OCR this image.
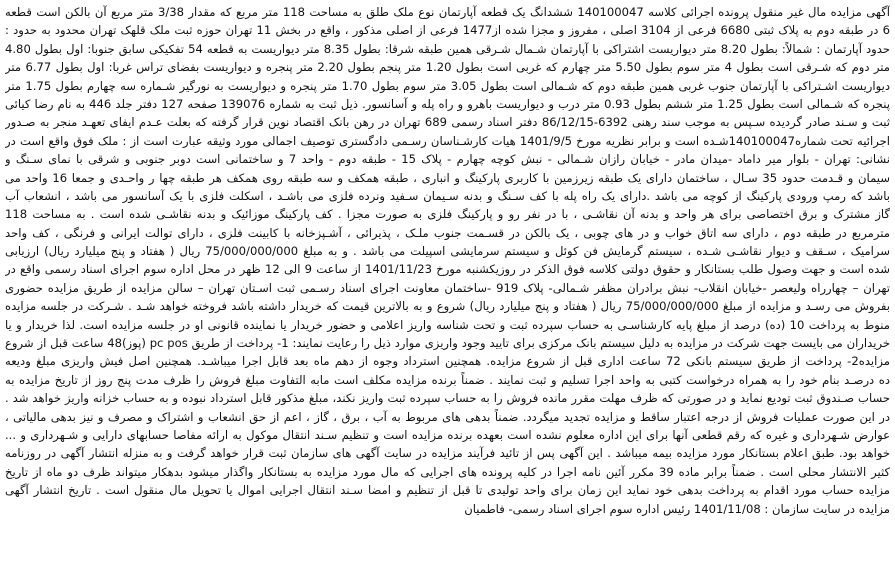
آگهی مزایده مال غیر منقول پرونده اجرائی کلاسه 140100047 ششدانگ یک قطعه آپارتمان نوع ملک طلق به مساحت 118 متر مربع که مقدار 3/38 متر مربع آن بالکن است قطعه
6 در طبقه دوم به پلاک ثبتی 6680 فرعی از 3104 اصلی ، مفروز و مجزا شده از1477 فرعی از اصلی مذکور ، واقع در بخش 11 تهران حوزه ثبت ملک قلهک تهران محدود به حدود :
حدود آپارتمان : شمالاً: بطول 8.20 متر دیواریست اشتراکی با آپارتمان شـمال شـرقی همین طبقه شرقا: بطول 8.35 متر دیواریست به قطعه 54 تفکیکی سابق جنوبا: اول بطول 4.80
متر دوم که شـرقی است بطول 4 متر سوم بطول 5.50 متر چهارم که غربی است بطول 1.20 متر پنجم بطول 2.20 متر پنجره و دیواریست بفضای تراس غربا: اول بطول 6.77 متر
دیواریست اشـتراکی با آپارتمان جنوب غربی همین طبقه دوم که شـمالی است بطول 3.05 متر سوم بطول 1.70 متر پنجره و دیواریست به نورگیر شـماره سه چهارم بطول 1.75 متر
پنجره که شـمالی است بطول 1.25 متر ششم بطول 0.93 متر درب و دیواریست باهرو و راه پله و آسانسور. ذیل ثبت به شماره 139076 صفحه 127 دفتر جلد 446 به نام رضا کیائی
ثبت و سـند صادر گردیده سـپس به موجب سند رهنی 6392-86/12/15 دفتر اسناد رسمی 689 تهران در رهن بانک اقتصاد نوین قرار گرفته که بعلت عـدم ایفای تعهـد منجر به صـدور
اجرائیه تحت شماره140100047شـده است و برابر نظریه مورخ 1401/9/5 هیات کارشـناسان رسـمی دادگستری توصیف اجمالی مورد وثیقه عبارت است از : ملک فوق واقع است در
نشانی: تهران - بلوار میر داماد -میدان مادر - خیابان رازان شـمالی - نبش کوچه چهارم - پلاک 15 - طبقه دوم - واحد 7 و ساختمانی است دوبر جنوبی و شرقی با نمای سـنگ و
سیمان و قـدمت حدود 35 سـال ، ساختمان دارای یک طبقه زیرزمین با کاربری پارکینگ و انباری ، طبقه همکف و سه طبقه روی همکف هر طبقه چها ر واحـدی و جمعا 16 واحد می
باشد که رمپ ورودی پارکینگ از کوچه می باشد .دارای یک راه پله با کف سـنگ و بدنه سـیمان سـفید ونرده فلزی می باشـد ، اسکلت فلزی با یک آسانسور می باشد ، انشعاب آب
گاز مشترک و برق اختصاصی برای هر واحد و بدنه آن نقاشـی ، با در نفر رو و پارکینگ فلزی به صورت مجزا . کف پارکینگ موزائیک و بدنه نقاشـی شده است . به مساحت 118
مترمربع در طبقه دوم ، دارای سه اتاق خواب و در های چوبی ، یک بالکن در قسـمت جنوب ملـک ، پذیرائی ، آشـپزخانه با کابینت فلزی ، دارای توالت ایرانی و فرنگی ، کف واحد
سرامیک ، سـقف و دیوار نقاشـی شـده ، سیستم گرمایش فن کوئل و سیستم سرمایشی اسپیلت می باشد . و به مبلغ 75/000/000/000 ریال ( هفتاد و پنج میلیارد ریال) ارزیابی
شده است و جهت وصول طلب بستانکار و حقوق دولتی کلاسه فوق الذکر در روزیکشنبه مورخ 1401/11/23 از ساعت 9 الی 12 ظهر در محل اداره سوم اجرای اسناد رسمی واقع در
تهران – چهارراه ولیعصر -خیابان انقلاب- نبش برادران مظفر شـمالی- پلاک 919 -ساختمان معاونت اجرای اسناد رسـمی ثبت اسـتان تهران – سالن مزایده از طریق مزایده حضوری
بفروش می رسـد و مزایده از مبلغ 75/000/000/000 ریال ( هفتاد و پنج میلیارد ریال) شروع و به بالاترین قیمت که خریدار داشته باشد فروخته خواهد شـد . شـرکت در جلسه مزایده
منوط به پرداخت 10 (ده) درصد از مبلغ پایه کارشناسـی به حساب سپرده ثبت و تحت شناسه واریز اعلامی و حضور خریدار یا نماینده قانونی او در جلسه مزایده است. لذا خریدار و یا
خریداران می بایست جهت شرکت در مزایده به دلیل سیستم بانک مرکزی برای تایید وجود واریزی موارد ذیل را رعایت نمایند: 1- پرداخت از طریق pc pos (پوز)48 ساعت قبل از شروع
مزایده2- پرداخت از طریق سیستم بانکی 72 ساعت اداری قبل از شروع مزایده. همچنین استرداد وجوه از دهم ماه بعد قابل اجرا میباشـد. همچنین اصل فیش واریزی مبلغ ودیعه
ده درصـد بنام خود را به همراه درخواست کتبی به واحد اجرا تسلیم و ثبت نمایند . ضمناً برنده مزایده مکلف است مابه التفاوت مبلغ فروش را ظرف مدت پنج روز از تاریخ مزایده به
حساب صـندوق ثبت تودیع نماید و در صورتی که ظرف مهلت مقرر مانده فروش را به حساب سپرده ثبت واریز نکند، مبلغ مذکور قابل استرداد نبوده و به حساب خزانه واریز خواهد شد .
در این صورت عملیات فروش از درجه اعتبار ساقط و مزایده تجدید میگردد. ضمناً بدهی های مربوط به آب ، برق ، گاز ، اعم از حق انشعاب و اشتراک و مصرف و نیز بدهی مالیاتی ،
عوارض شـهرداری و غیره که رقم قطعی آنها برای این اداره معلوم نشده است بعهده برنده مزایده است و تنظیم سـند انتقال موکول به ارائه مفاصا حسابهای دارایی و شـهرداری و ...
خواهد بود. طبق اعلام بستانکار مورد مزایده بیمه میباشد . این آگهی پس از تائید فرآیند مزایده در سایت آگهی های سازمان ثبت قرار خواهد گرفت و به منزله انتشار آگهی در روزنامه
کثیر الانتشار محلی است . ضمناً برابر ماده 39 مکرر آئین نامه اجرا در کلیه پرونده های اجرایی که مال مورد مزایده به بستانکار واگذار میشود بدهکار میتواند ظرف دو ماه از تاریخ
مزایده حساب مورد اقدام به پرداخت بدهی خود نماید این زمان برای واحد تولیدی تا قبل از تنظیم و امضا سـند انتقال اجرایی اموال یا تحویل مال منقول است . تاریخ انتشار آگهی
مزایده در سایت سازمان : 1401/11/08 رئیس اداره سوم اجرای اسناد رسمی- فاطمیان
